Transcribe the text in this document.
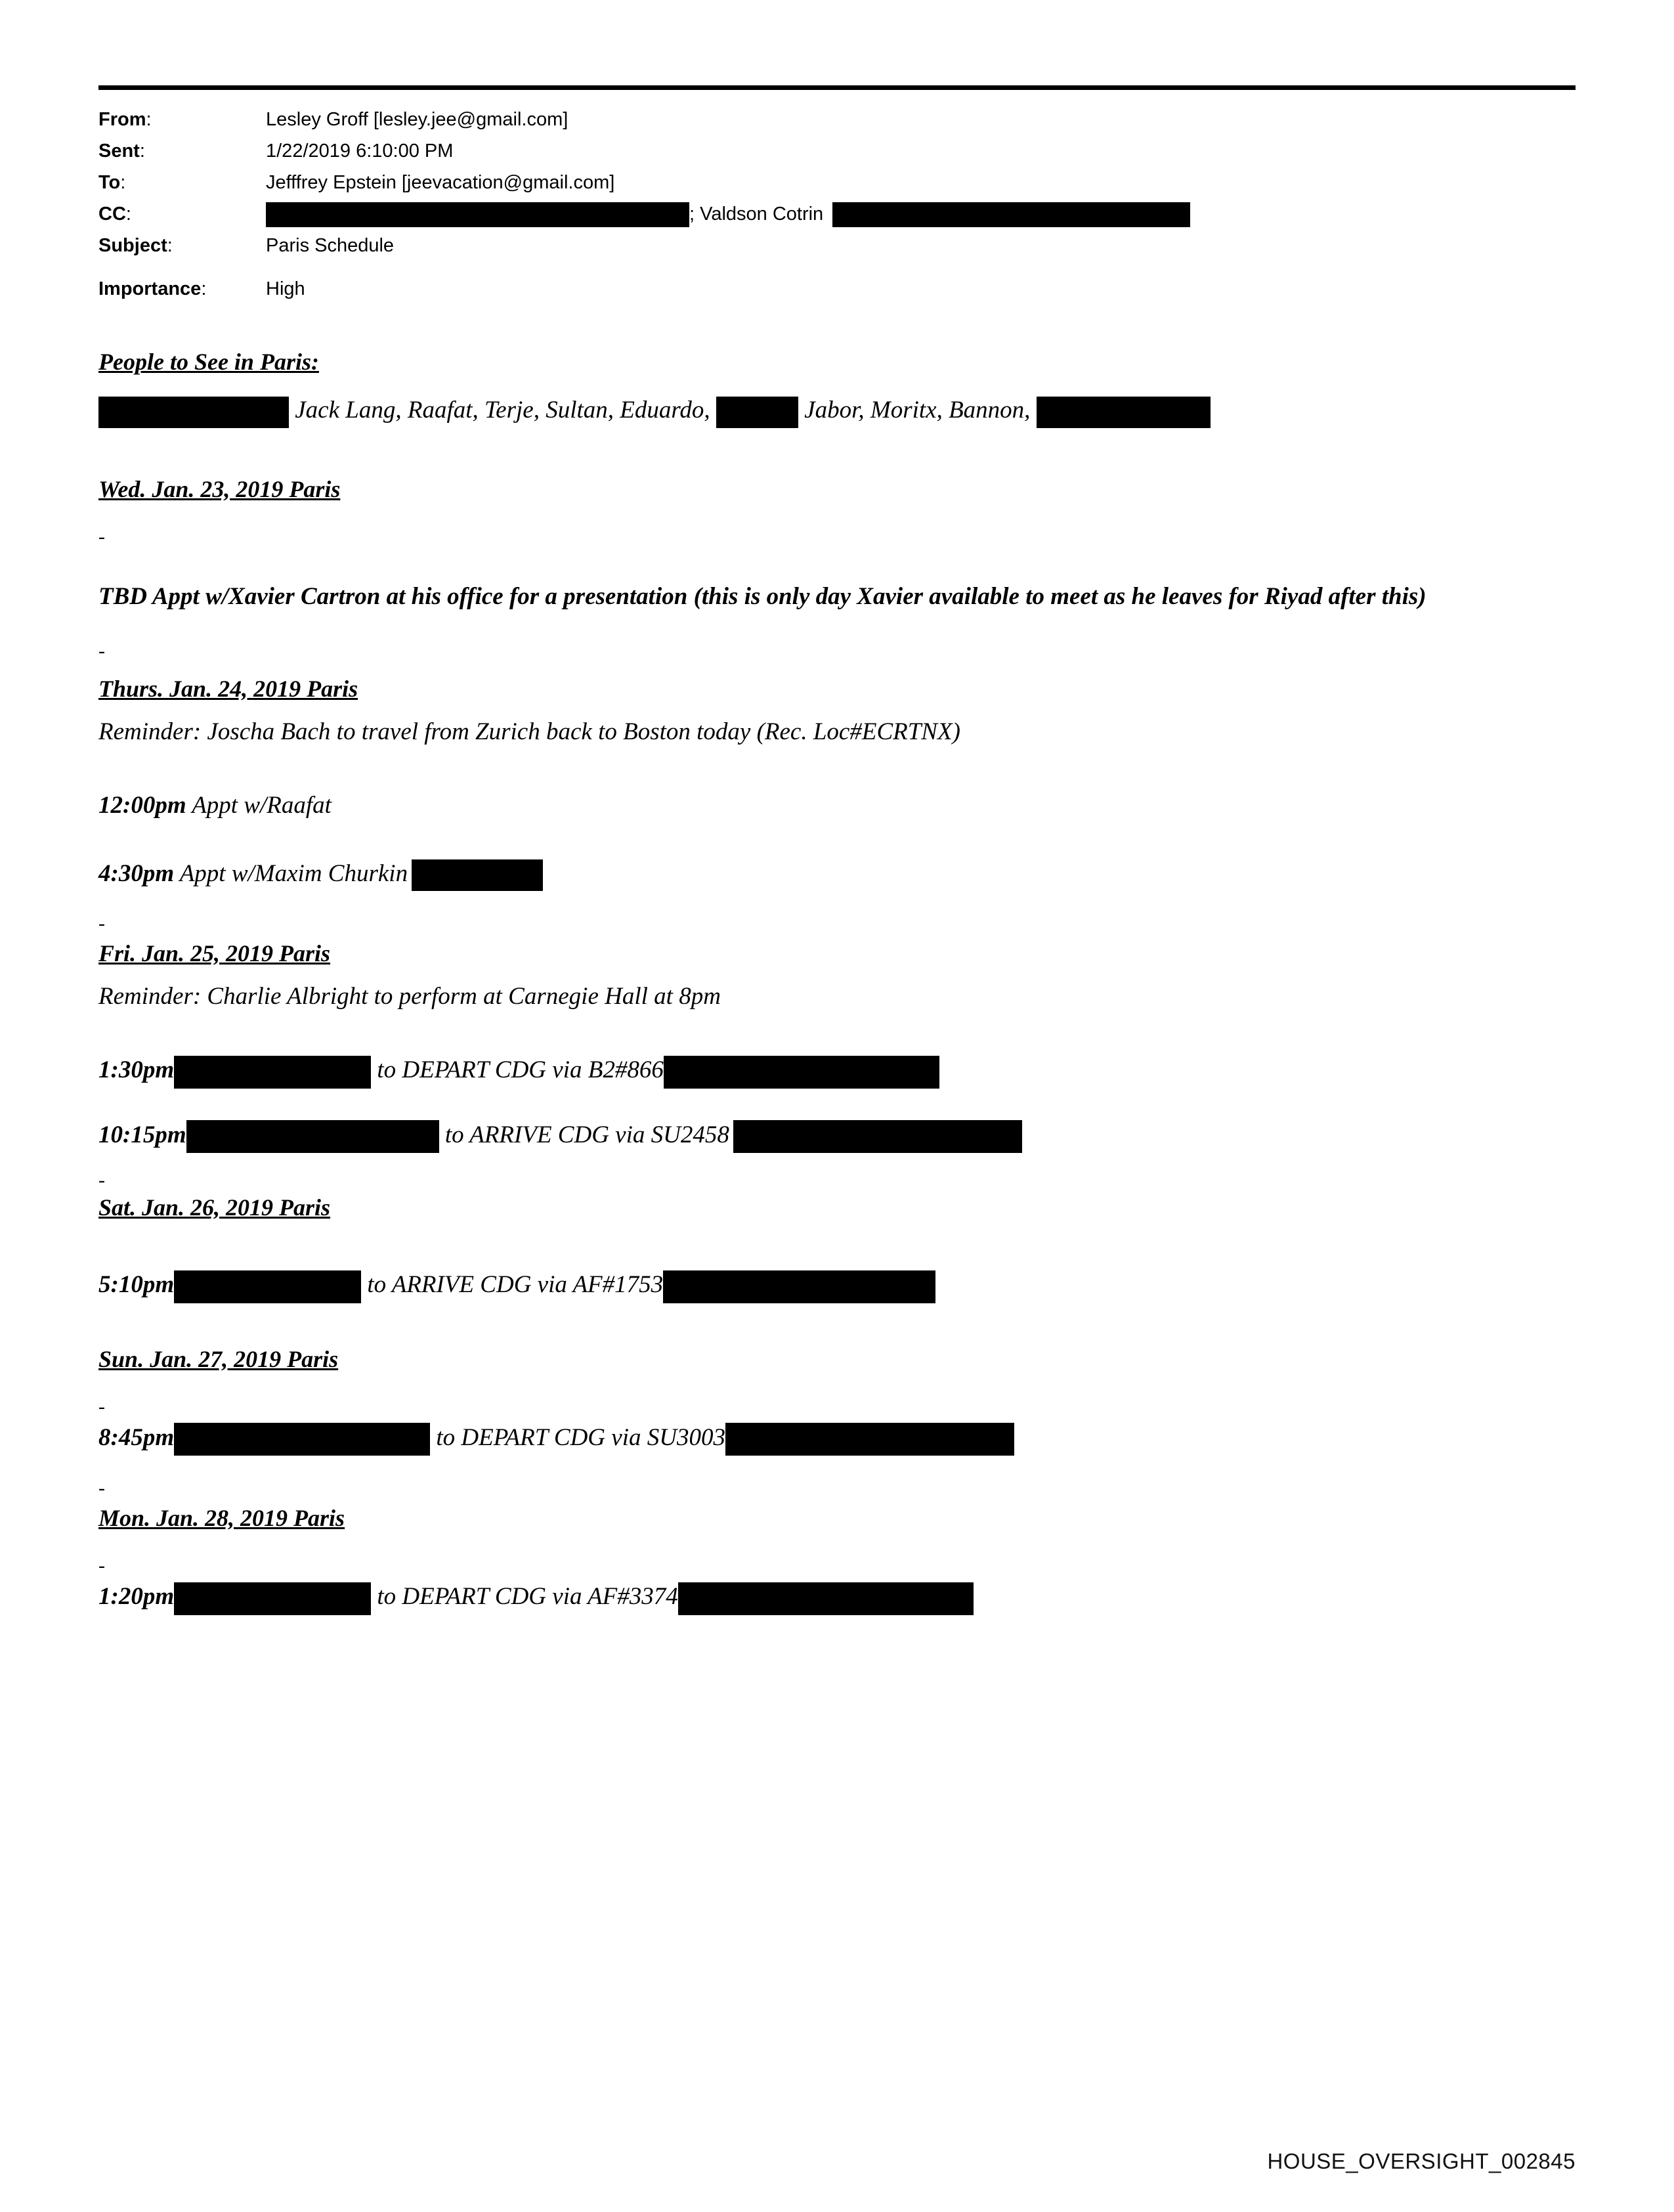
From:	Lesley Groff [lesley.jee@gmail.com]
Sent:	1/22/2019 6:10:00 PM
To:	Jefffrey Epstein [jeevacation@gmail.com]
CC:	; Valdson Cotrin
Subject:	Paris Schedule
Importance:	High
People to See in Paris:
Jack Lang, Raafat, Terje, Sultan, Eduardo,	Jabor, Moritx, Bannon,
Wed. Jan. 23, 2019 Paris
-
TBD Appt w/Xavier Cartron at his office for a presentation (this is only day Xavier available to meet as he leaves for Riyad after this)
-
Thurs. Jan. 24, 2019 Paris
Reminder: Joscha Bach to travel from Zurich back to Boston today (Rec. Loc#ECRTNX)
12:00pm Appt w/Raafat
4:30pm Appt w/Maxim Churkin
-
Fri. Jan. 25, 2019 Paris
Reminder: Charlie Albright to perform at Carnegie Hall at 8pm
1:30pm	to DEPART CDG via B2#866
10:15pm	to ARRIVE CDG via SU2458
-
Sat. Jan. 26, 2019 Paris
5:10pm	to ARRIVE CDG via AF#1753
Sun. Jan. 27, 2019 Paris
-
8:45pm	to DEPART CDG via SU3003
-
Mon. Jan. 28, 2019 Paris
-
1:20pm	to DEPART CDG via AF#3374
HOUSE_OVERSIGHT_002845
